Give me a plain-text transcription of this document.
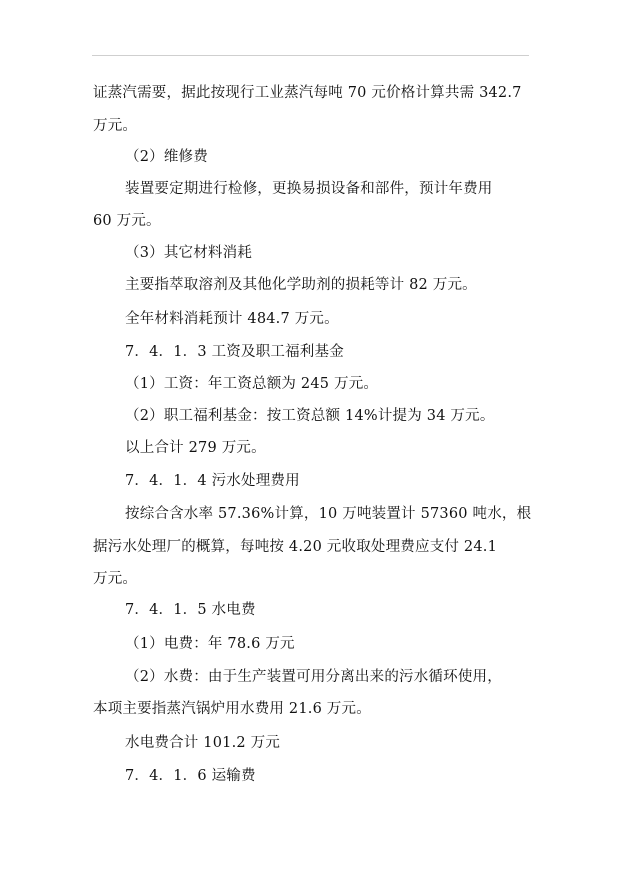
证蒸汽需要，据此按现行工业蒸汽每吨 70 元价格计算共需 342.7
万元。
（2）维修费
装置要定期进行检修，更换易损设备和部件，预计年费用
60 万元。
（3）其它材料消耗
主要指萃取溶剂及其他化学助剂的损耗等计 82 万元。
全年材料消耗预计 484.7 万元。
7．4．1．3 工资及职工福利基金
（1）工资：年工资总额为 245 万元。
（2）职工福利基金：按工资总额 14%计提为 34 万元。
以上合计 279 万元。
7．4．1．4 污水处理费用
按综合含水率 57.36%计算，10 万吨装置计 57360 吨水，根
据污水处理厂的概算，每吨按 4.20 元收取处理费应支付 24.1
万元。
7．4．1．5 水电费
（1）电费：年 78.6 万元
（2）水费：由于生产装置可用分离出来的污水循环使用，
本项主要指蒸汽锅炉用水费用 21.6 万元。
水电费合计 101.2 万元
7．4．1．6 运输费
